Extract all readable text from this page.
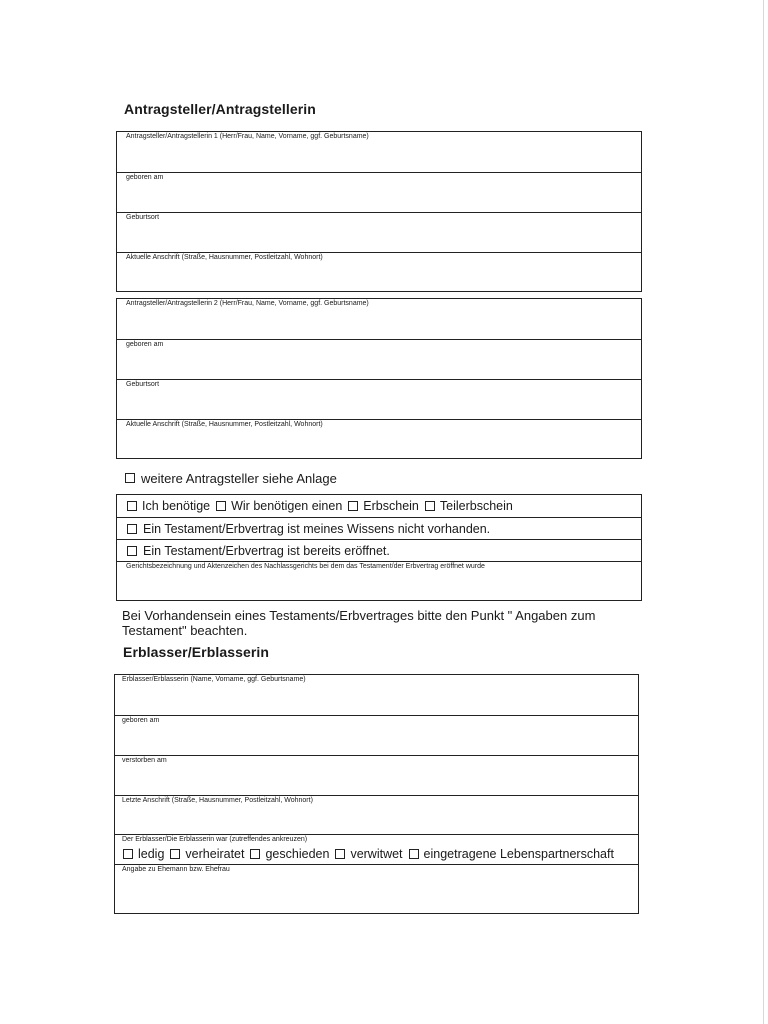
Antragsteller/Antragstellerin
Antragsteller/Antragstellerin 1 (Herr/Frau, Name, Vorname, ggf. Geburtsname)
geboren am
Geburtsort
Aktuelle Anschrift (Straße, Hausnummer, Postleitzahl, Wohnort)
Antragsteller/Antragstellerin 2 (Herr/Frau, Name, Vorname, ggf. Geburtsname)
geboren am
Geburtsort
Aktuelle Anschrift (Straße, Hausnummer, Postleitzahl, Wohnort)
weitere Antragsteller siehe Anlage
Ich benötige Wir benötigen einen Erbschein Teilerbschein
Ein Testament/Erbvertrag ist meines Wissens nicht vorhanden.
Ein Testament/Erbvertrag ist bereits eröffnet.
Gerichtsbezeichnung und Aktenzeichen des Nachlassgerichts bei dem das Testament/der Erbvertrag eröffnet wurde

Bei Vorhandensein eines Testaments/Erbvertrages bitte den Punkt " Angaben zum Testament" beachten.

Erblasser/Erblasserin
Erblasser/Erblasserin (Name, Vorname, ggf. Geburtsname)
geboren am
verstorben am
Letzte Anschrift (Straße, Hausnummer, Postleitzahl, Wohnort)
Der Erblasser/Die Erblasserin war (zutreffendes ankreuzen)
ledig verheiratet geschieden verwitwet eingetragene Lebenspartnerschaft
Angabe zu Ehemann bzw. Ehefrau
